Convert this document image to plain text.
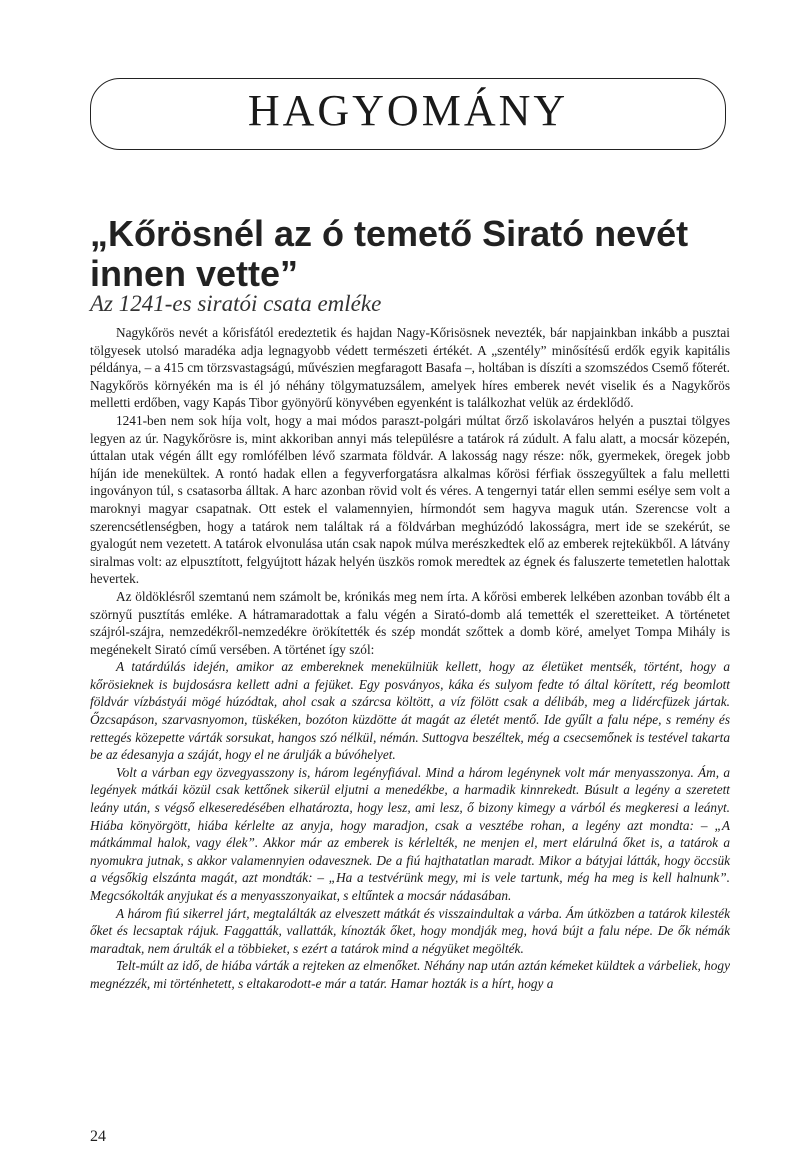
HAGYOMÁNY
„Kőrösnél az ó temető Sirató nevét innen vette”
Az 1241-es siratói csata emléke

Nagykőrös nevét a kőrisfától eredeztetik és hajdan Nagy-Kőrisösnek nevezték, bár napjainkban inkább a pusztai tölgyesek utolsó maradéka adja legnagyobb védett természeti értékét. A „szentély” minősítésű erdők egyik kapitális példánya, – a 415 cm törzsvastagságú, művészien megfaragott Basafa –, holtában is díszíti a szomszédos Csemő főterét. Nagykőrös környékén ma is él jó néhány tölgymatuzsálem, amelyek híres emberek nevét viselik és a Nagykőrös melletti erdőben, vagy Kapás Tibor gyönyörű könyvében egyenként is találkozhat velük az érdeklődő.

1241-ben nem sok híja volt, hogy a mai módos paraszt-polgári múltat őrző iskolaváros helyén a pusztai tölgyes legyen az úr. Nagykőrösre is, mint akkoriban annyi más településre a tatárok rá zúdult. A falu alatt, a mocsár közepén, úttalan utak végén állt egy romlófélben lévő szarmata földvár. A lakosság nagy része: nők, gyermekek, öregek jobb híján ide menekültek. A rontó hadak ellen a fegyverforgatásra alkalmas kőrösi férfiak összegyűltek a falu melletti ingoványon túl, s csatasorba álltak. A harc azonban rövid volt és véres. A tengernyi tatár ellen semmi esélye sem volt a maroknyi magyar csapatnak. Ott estek el valamennyien, hírmondót sem hagyva maguk után. Szerencse volt a szerencsétlenségben, hogy a tatárok nem találtak rá a földvárban meghúzódó lakosságra, mert ide se szekérút, se gyalogút nem vezetett. A tatárok elvonulása után csak napok múlva merészkedtek elő az emberek rejtekükből. A látvány siralmas volt: az elpusztított, felgyújtott házak helyén üszkös romok meredtek az égnek és faluszerte temetetlen halottak hevertek.

Az öldöklésről szemtanú nem számolt be, krónikás meg nem írta. A kőrösi emberek lelkében azonban tovább élt a szörnyű pusztítás emléke. A hátramaradottak a falu végén a Sirató-domb alá temették el szeretteiket. A történetet szájról-szájra, nemzedékről-nemzedékre örökítették és szép mondát szőttek a domb köré, amelyet Tompa Mihály is megénekelt Sirató című versében. A történet így szól:

A tatárdúlás idején, amikor az embereknek menekülniük kellett, hogy az életüket mentsék, történt, hogy a kőrösieknek is bujdosásra kellett adni a fejüket. Egy posványos, káka és sulyom fedte tó által körített, rég beomlott földvár vízbástyái mögé húzódtak, ahol csak a szárcsa költött, a víz fölött csak a délibáb, meg a lidércfüzek jártak. Őzcsapáson, szarvasnyomon, tüskéken, bozóton küzdötte át magát az életét mentő. Ide gyűlt a falu népe, s remény és rettegés közepette várták sorsukat, hangos szó nélkül, némán. Suttogva beszéltek, még a csecsemőnek is testével takarta be az édesanyja a száját, hogy el ne árulják a búvóhelyet.

Volt a várban egy özvegyasszony is, három legényfiával. Mind a három legénynek volt már menyasszonya. Ám, a legények mátkái közül csak kettőnek sikerül eljutni a menedékbe, a harmadik kinnrekedt. Búsult a legény a szeretett leány után, s végső elkeseredésében elhatározta, hogy lesz, ami lesz, ő bizony kimegy a várból és megkeresi a leányt. Hiába könyörgött, hiába kérlelte az anyja, hogy maradjon, csak a vesztébe rohan, a legény azt mondta: – „A mátkámmal halok, vagy élek”. Akkor már az emberek is kérlelték, ne menjen el, mert elárulná őket is, a tatárok a nyomukra jutnak, s akkor valamennyien odavesznek. De a fiú hajthatatlan maradt. Mikor a bátyjai látták, hogy öccsük a végsőkig elszánta magát, azt mondták: – „Ha a testvérünk megy, mi is vele tartunk, még ha meg is kell halnunk”. Megcsókolták anyjukat és a menyasszonyaikat, s eltűntek a mocsár nádasában.

A három fiú sikerrel járt, megtalálták az elveszett mátkát és visszaindultak a várba. Ám útközben a tatárok kilesték őket és lecsaptak rájuk. Faggatták, vallatták, kínozták őket, hogy mondják meg, hová bújt a falu népe. De ők némák maradtak, nem árulták el a többieket, s ezért a tatárok mind a négyüket megölték.

Telt-múlt az idő, de hiába várták a rejteken az elmenőket. Néhány nap után aztán kémeket küldtek a várbeliek, hogy megnézzék, mi történhetett, s eltakarodott-e már a tatár. Hamar hozták is a hírt, hogy a

24
